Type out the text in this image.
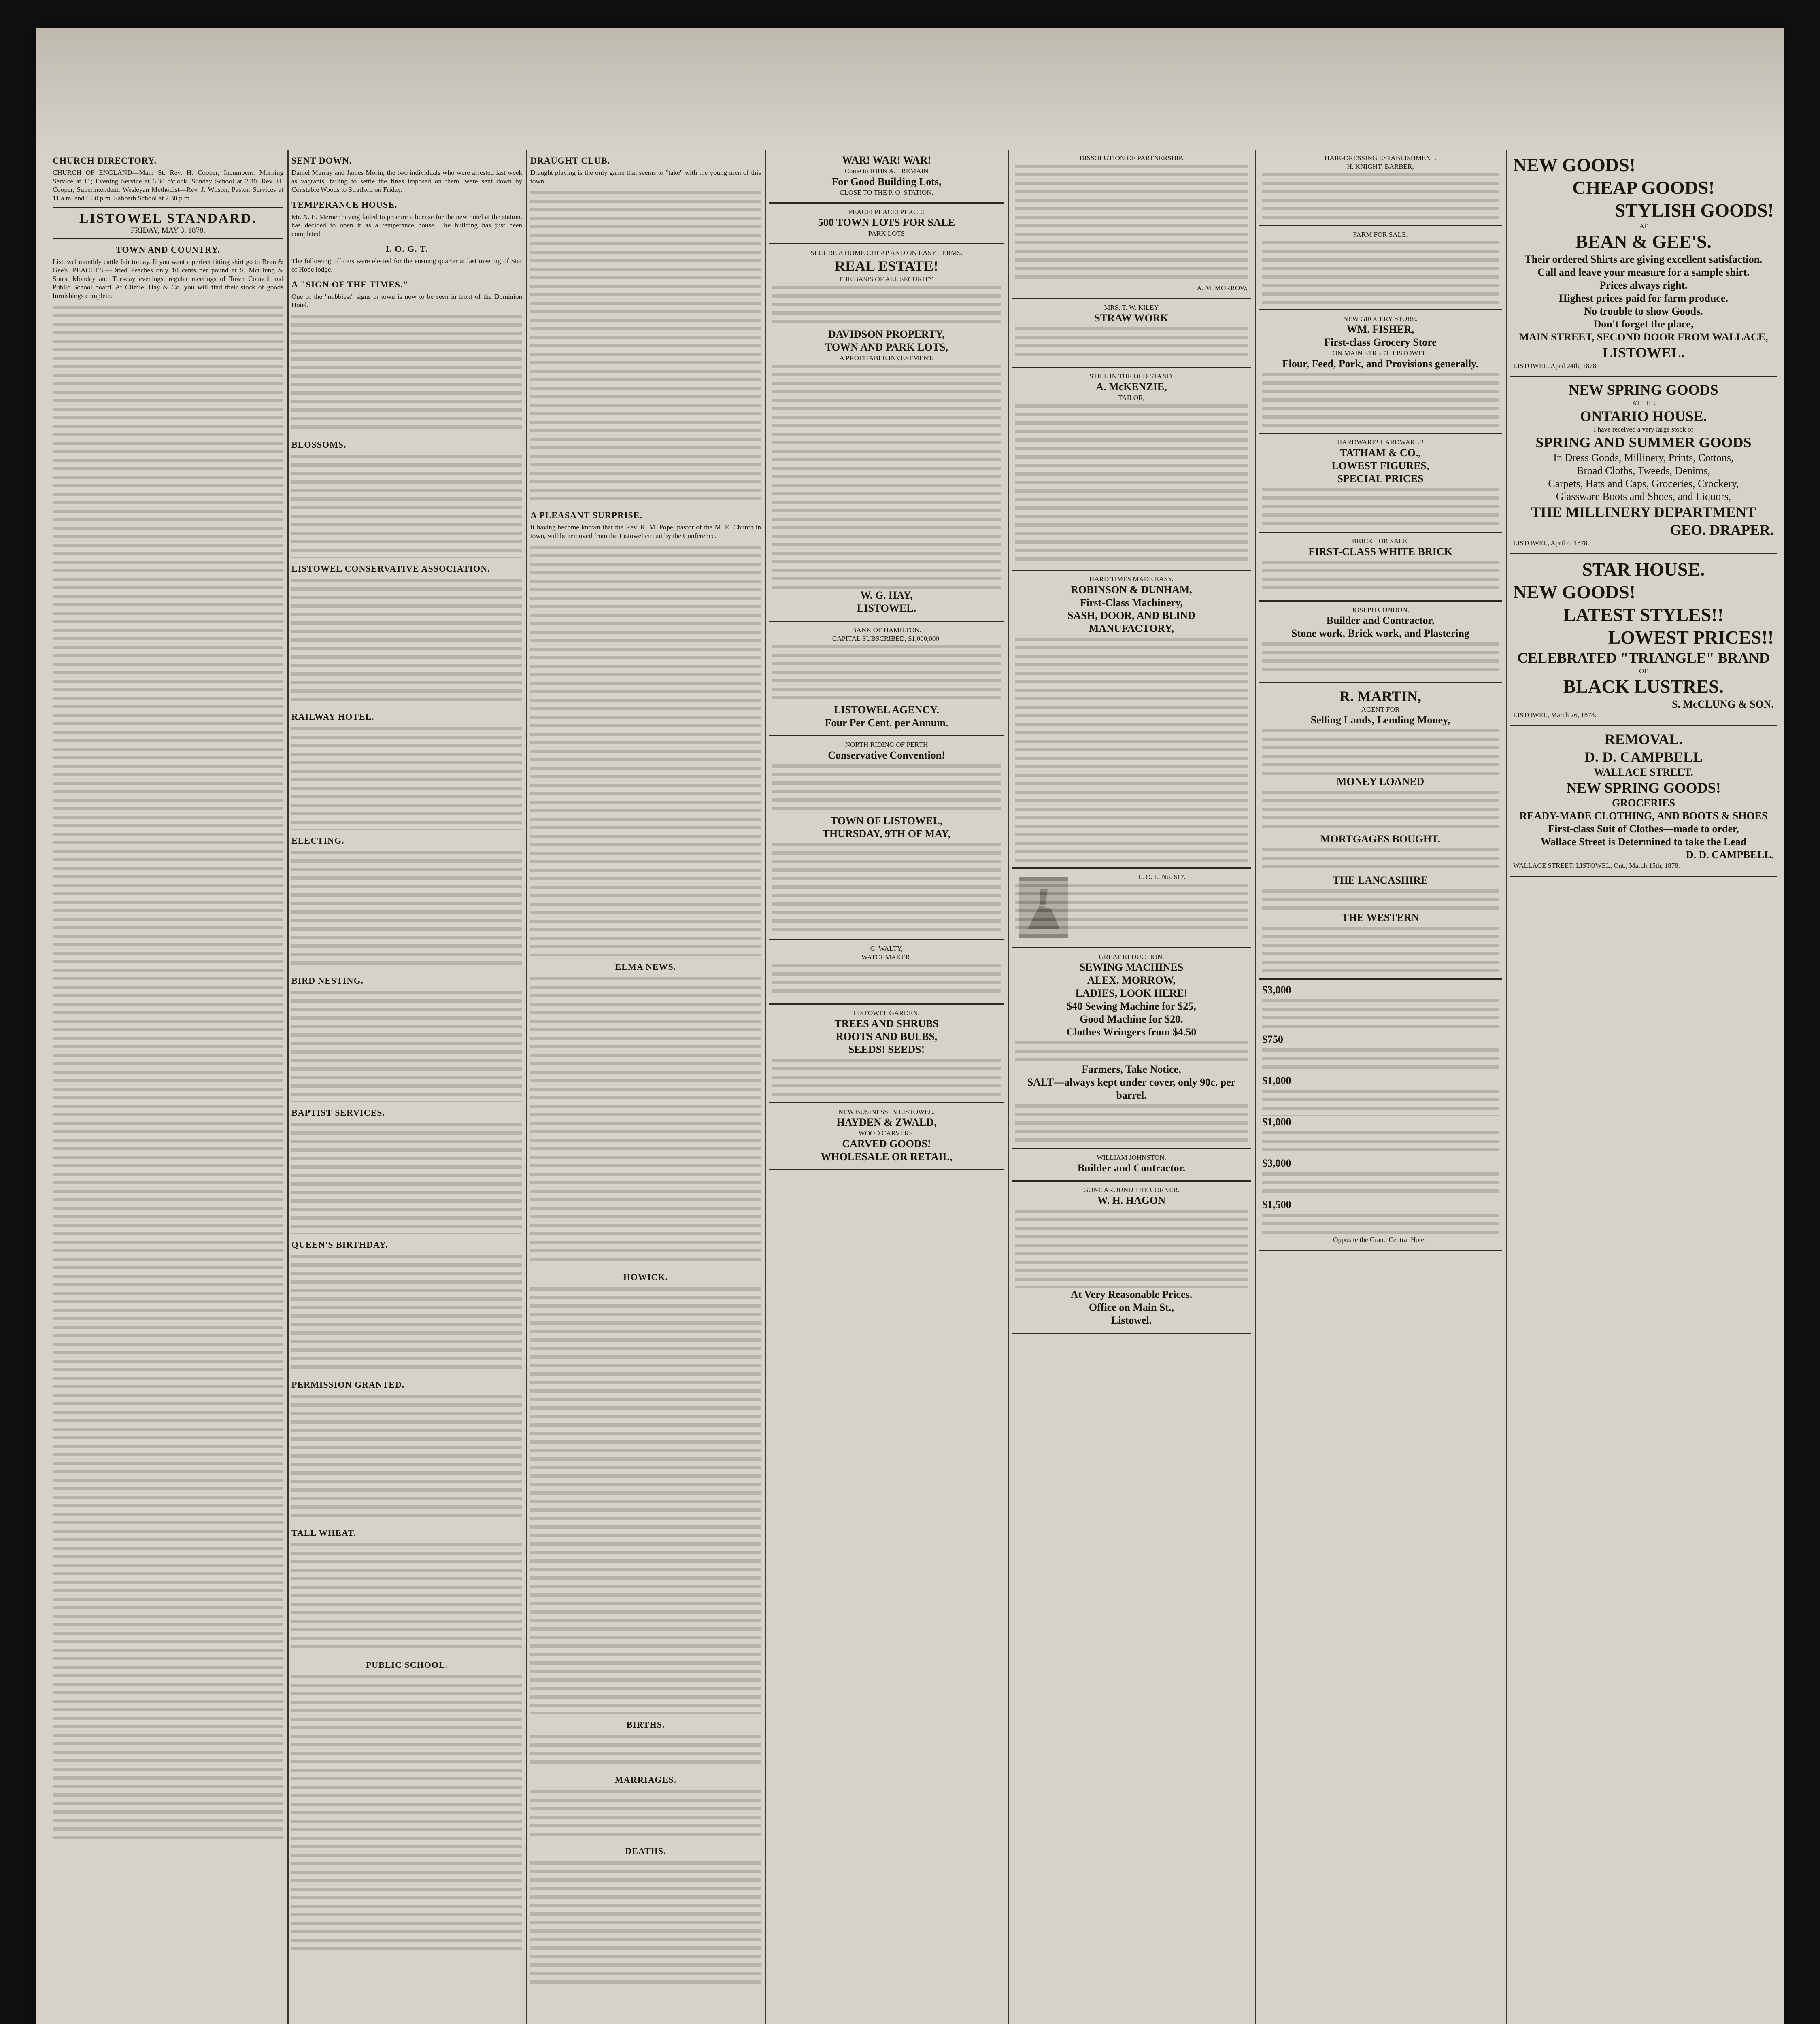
CHURCH DIRECTORY.

CHURCH OF ENGLAND—Main St. Rev. H. Cooper, Incumbent. Morning Service at 11; Evening Service at 6.30 o'clock. Sunday School at 2.30. Rev. H. Cooper, Superintendent. Wesleyan Methodist—Rev. J. Wilson, Pastor. Services at 11 a.m. and 6.30 p.m. Sabbath School at 2.30 p.m.

LISTOWEL STANDARD.
FRIDAY, MAY 3, 1878.
TOWN AND COUNTRY.

Listowel monthly cattle fair to-day. If you want a perfect fitting shirt go to Bean & Gee's. PEACHES.—Dried Peaches only 10 cents per pound at S. McClung & Son's. Monday and Tuesday evenings, regular meetings of Town Council and Public School board. At Climie, Hay & Co. you will find their stock of goods furnishings complete.

SENT DOWN.

Daniel Murray and James Morin, the two individuals who were arrested last week as vagrants, failing to settle the fines imposed on them, were sent down by Constable Woods to Stratford on Friday.

TEMPERANCE HOUSE.

Mr. A. E. Merner having failed to procure a license for the new hotel at the station, has decided to open it as a temperance house. The building has just been completed.

I. O. G. T.

The following officers were elected for the ensuing quarter at last meeting of Star of Hope lodge.

A "SIGN OF THE TIMES."

One of the "nobbiest" signs in town is now to be seen in front of the Dominion Hotel.

BLOSSOMS.
LISTOWEL CONSERVATIVE ASSOCIATION.
RAILWAY HOTEL.
ELECTING.
BIRD NESTING.
BAPTIST SERVICES.
QUEEN'S BIRTHDAY.
PERMISSION GRANTED.
TALL WHEAT.
PUBLIC SCHOOL.
DRAUGHT CLUB.

Draught playing is the only game that seems to "take" with the young men of this town.

A PLEASANT SURPRISE.

It having become known that the Rev. R. M. Pope, pastor of the M. E. Church in town, will be removed from the Listowel circuit by the Conference.

ELMA NEWS.
HOWICK.
BIRTHS.
MARRIAGES.
DEATHS.
WAR! WAR! WAR!
Come to JOHN A. TREMAIN
For Good Building Lots,
CLOSE TO THE P. O. STATION.
PEACE! PEACE! PEACE!
500 TOWN LOTS FOR SALE
PARK LOTS
SECURE A HOME CHEAP AND ON EASY TERMS.
REAL ESTATE!
THE BASIS OF ALL SECURITY.
DAVIDSON PROPERTY,
TOWN AND PARK LOTS,
A PROFITABLE INVESTMENT,
W. G. HAY,
LISTOWEL.
BANK OF HAMILTON.
CAPITAL SUBSCRIBED, $1,000,000.
LISTOWEL AGENCY.
Four Per Cent. per Annum.
NORTH RIDING OF PERTH
Conservative Convention!
TOWN OF LISTOWEL,
THURSDAY, 9TH OF MAY,
G. WALTY,
WATCHMAKER,
LISTOWEL GARDEN.
TREES AND SHRUBS
ROOTS AND BULBS,
SEEDS! SEEDS!
NEW BUSINESS IN LISTOWEL.
HAYDEN & ZWALD,
WOOD CARVERS,
CARVED GOODS!
WHOLESALE OR RETAIL,
DISSOLUTION OF PARTNERSHIP.
A. M. MORROW,
MRS. T. W. KILEY
STRAW WORK
STILL IN THE OLD STAND.
A. McKENZIE,
TAILOR,
HARD TIMES MADE EASY.
ROBINSON & DUNHAM,
First-Class Machinery,
SASH, DOOR, AND BLIND
MANUFACTORY,
L. O. L. No. 617.
GREAT REDUCTION.
SEWING MACHINES
ALEX. MORROW,
LADIES, LOOK HERE!
$40 Sewing Machine for $25,
Good Machine for $20.
Clothes Wringers from $4.50
Farmers, Take Notice,
SALT—always kept under cover, only 90c. per barrel.
WILLIAM JOHNSTON,
Builder and Contractor.
GONE AROUND THE CORNER.
W. H. HAGON
At Very Reasonable Prices.
Office on Main St.,
Listowel.
HAIR-DRESSING ESTABLISHMENT.
H. KNIGHT, BARBER,
FARM FOR SALE.
NEW GROCERY STORE.
WM. FISHER,
First-class Grocery Store
ON MAIN STREET, LISTOWEL.
Flour, Feed, Pork, and Provisions generally.
HARDWARE! HARDWARE!!
TATHAM & CO.,
LOWEST FIGURES,
SPECIAL PRICES
BRICK FOR SALE.
FIRST-CLASS WHITE BRICK
JOSEPH CONDON,
Builder and Contractor,
Stone work, Brick work, and Plastering
R. MARTIN,
AGENT FOR
Selling Lands, Lending Money,
MONEY LOANED
MORTGAGES BOUGHT.
THE LANCASHIRE
THE WESTERN
$3,000
$750
$1,000
$1,000
$3,000
$1,500
Opposite the Grand Central Hotel.
NEW GOODS!
CHEAP GOODS!
STYLISH GOODS!
AT
BEAN & GEE'S.
Their ordered Shirts are giving excellent satisfaction.
Call and leave your measure for a sample shirt.
Prices always right.
Highest prices paid for farm produce.
No trouble to show Goods.
Don't forget the place,
MAIN STREET, SECOND DOOR FROM WALLACE,
LISTOWEL.
LISTOWEL, April 24th, 1878.
NEW SPRING GOODS
AT THE
ONTARIO HOUSE.
I have received a very large stock of
SPRING AND SUMMER GOODS
In Dress Goods, Millinery, Prints, Cottons,
Broad Cloths, Tweeds, Denims,
Carpets, Hats and Caps, Groceries, Crockery,
Glassware Boots and Shoes, and Liquors,
THE MILLINERY DEPARTMENT
GEO. DRAPER.
LISTOWEL, April 4, 1878.
STAR HOUSE.
NEW GOODS!
LATEST STYLES!!
LOWEST PRICES!!
CELEBRATED "TRIANGLE" BRAND
OF
BLACK LUSTRES.
S. McCLUNG & SON.
LISTOWEL, March 26, 1878.
REMOVAL.
D. D. CAMPBELL
WALLACE STREET.
NEW SPRING GOODS!
GROCERIES
READY-MADE CLOTHING, AND BOOTS & SHOES
First-class Suit of Clothes—made to order,
Wallace Street is Determined to take the Lead
D. D. CAMPBELL.
WALLACE STREET, LISTOWEL, Ont., March 15th, 1878.
